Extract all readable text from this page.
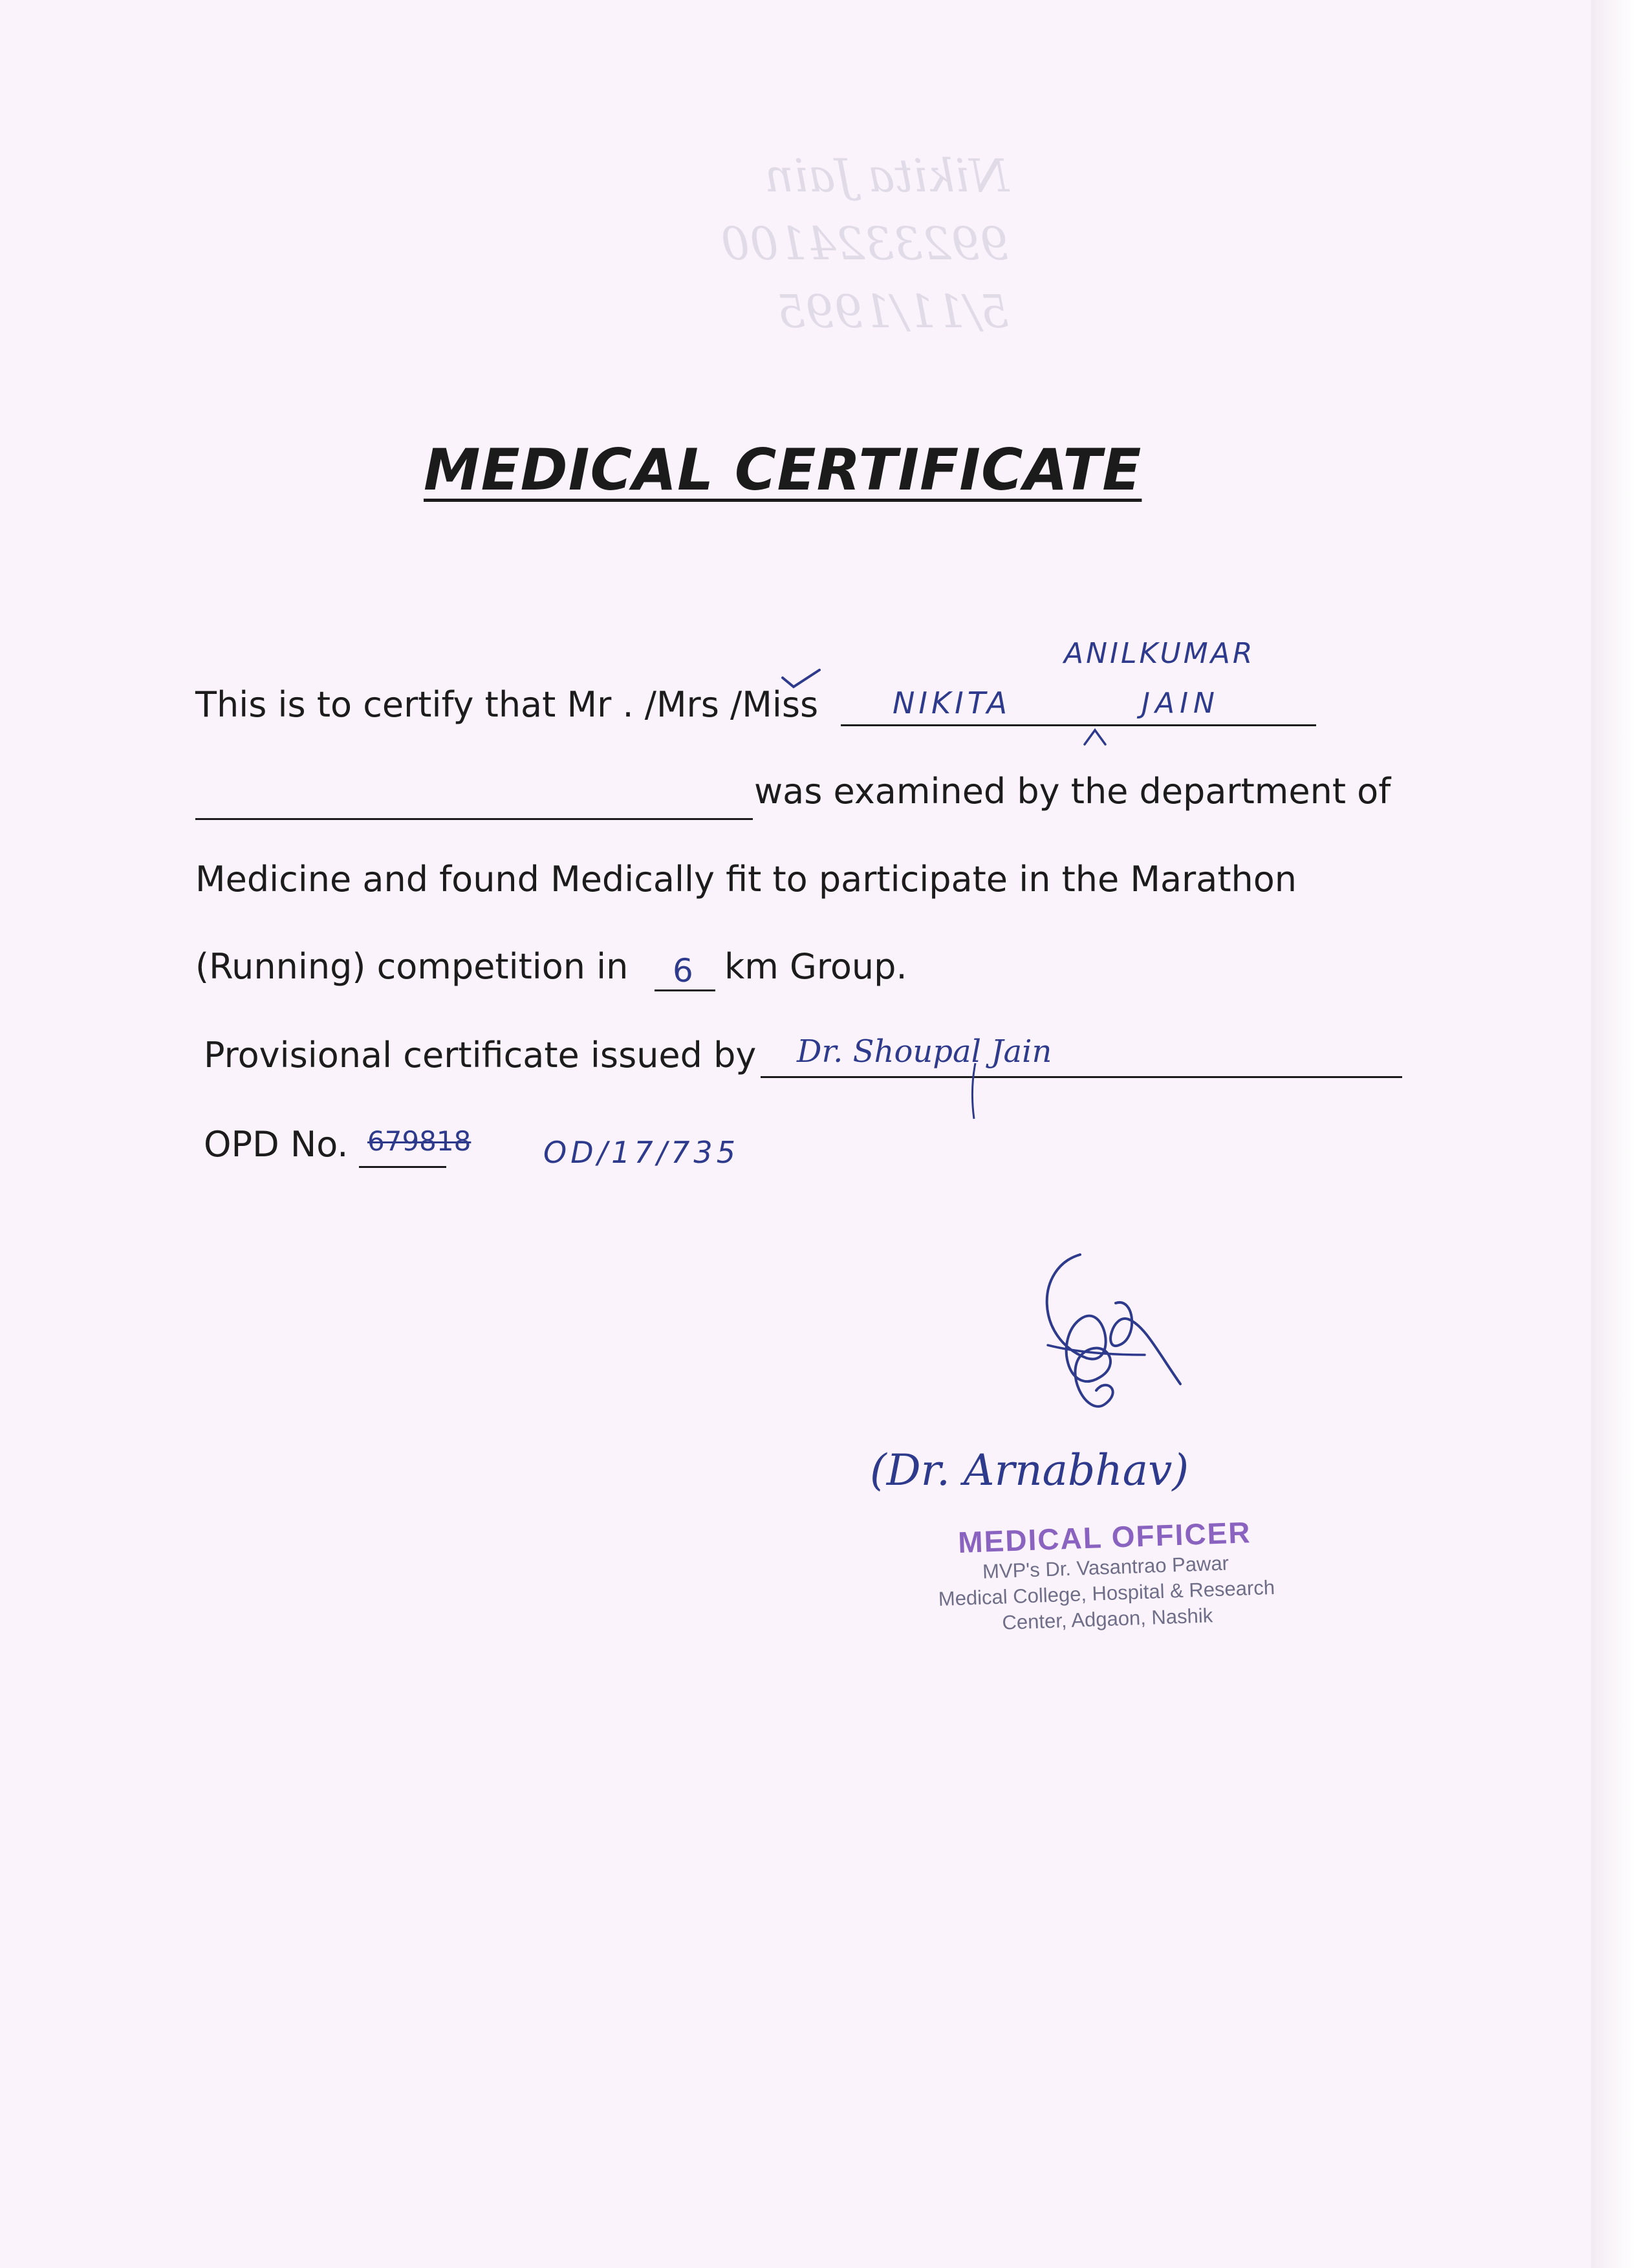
Nikita Jain
9923324100
5/11/1995
MEDICAL CERTIFICATE
This is to certify that Mr . /Mrs /Miss NIKITA
ANILKUMAR
JAIN
was examined by the department of
Medicine and found Medically fit to participate in the Marathon
(Running) competition in 6 km Group.
Provisional certificate issued by Dr. Shoupal Jain
OPD No. 679818 OD/17/735
(Dr. Arnabhav)
MEDICAL OFFICER
MVP's Dr. Vasantrao Pawar
Medical College, Hospital & Research
Center, Adgaon, Nashik
